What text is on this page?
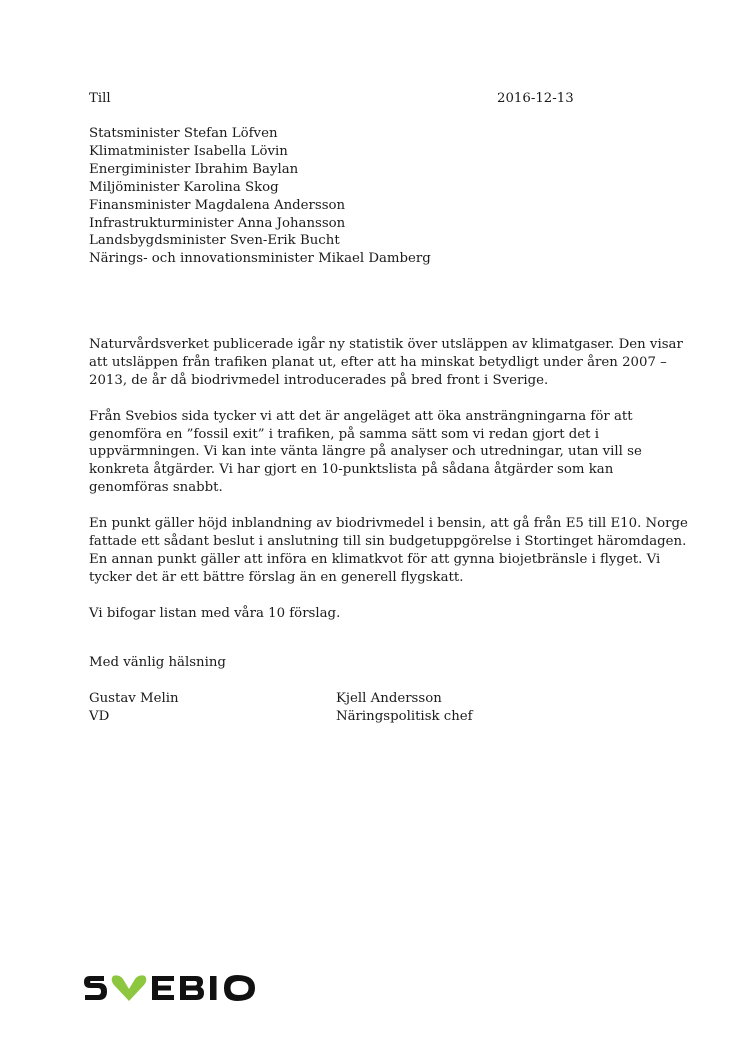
Till	2016-12-13
Statsminister Stefan Löfven
Klimatminister Isabella Lövin
Energiminister Ibrahim Baylan
Miljöminister Karolina Skog
Finansminister Magdalena Andersson
Infrastrukturminister Anna Johansson
Landsbygdsminister Sven-Erik Bucht
Närings- och innovationsminister Mikael Damberg

Naturvårdsverket publicerade igår ny statistik över utsläppen av klimatgaser. Den visar
att utsläppen från trafiken planat ut, efter att ha minskat betydligt under åren 2007 –
2013, de år då biodrivmedel introducerades på bred front i Sverige.

Från Svebios sida tycker vi att det är angeläget att öka ansträngningarna för att
genomföra en ”fossil exit” i trafiken, på samma sätt som vi redan gjort det i
uppvärmningen. Vi kan inte vänta längre på analyser och utredningar, utan vill se
konkreta åtgärder. Vi har gjort en 10-punktslista på sådana åtgärder som kan
genomföras snabbt.

En punkt gäller höjd inblandning av biodrivmedel i bensin, att gå från E5 till E10. Norge
fattade ett sådant beslut i anslutning till sin budgetuppgörelse i Stortinget häromdagen.
En annan punkt gäller att införa en klimatkvot för att gynna biojetbränsle i flyget. Vi
tycker det är ett bättre förslag än en generell flygskatt.

Vi bifogar listan med våra 10 förslag.

Med vänlig hälsning
Gustav Melin
VD
Kjell Andersson
Näringspolitisk chef
